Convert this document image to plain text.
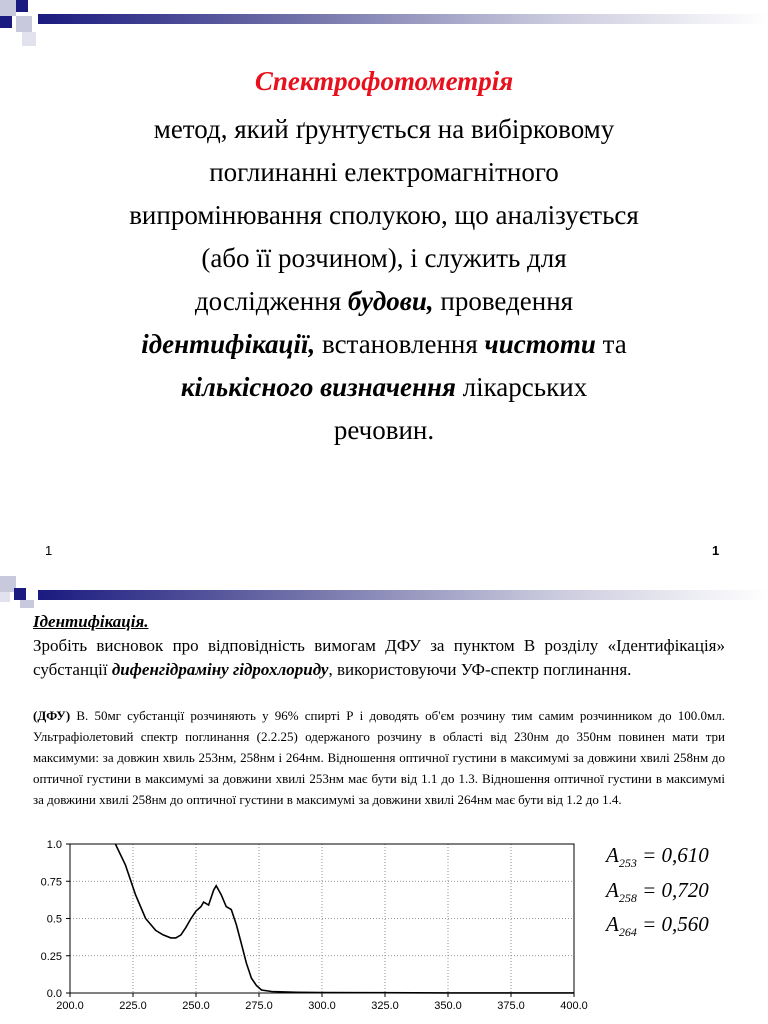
Спектрофотометрія
метод, який ґрунтується на вибірковому
поглинанні електромагнітного
випромінювання сполукою, що аналізується
(або її розчином), і служить для
дослідження будови, проведення
ідентифікації, встановлення чистоти та
кількісного визначення лікарських
речовин.
1	1
Ідентифікація.
Зробіть висновок про відповідність вимогам ДФУ за пунктом В розділу «Ідентифікація» субстанції дифенгідраміну гідрохлориду, використовуючи УФ-спектр поглинання.
(ДФУ) В. 50мг субстанції розчиняють у 96% спирті Р і доводять об'єм розчину тим самим розчинником до 100.0мл. Ультрафіолетовий спектр поглинання (2.2.25) одержаного розчину в області від 230нм до 350нм повинен мати три максимуми: за довжин хвиль 253нм, 258нм і 264нм. Відношення оптичної густини в максимумі за довжини хвилі 258нм до оптичної густини в максимумі за довжини хвилі 253нм має бути від 1.1 до 1.3. Відношення оптичної густини в максимумі за довжини хвилі 258нм до оптичної густини в максимумі за довжини хвилі 264нм має бути від 1.2 до 1.4.
$A_{253} = 0,610$
$A_{258} = 0,720$
$A_{264} = 0,560$
200.0	225.0	250.0	275.0	300.0	325.0	350.0	375.0	400.0
0.0
0.25
0.5
0.75
1.0
